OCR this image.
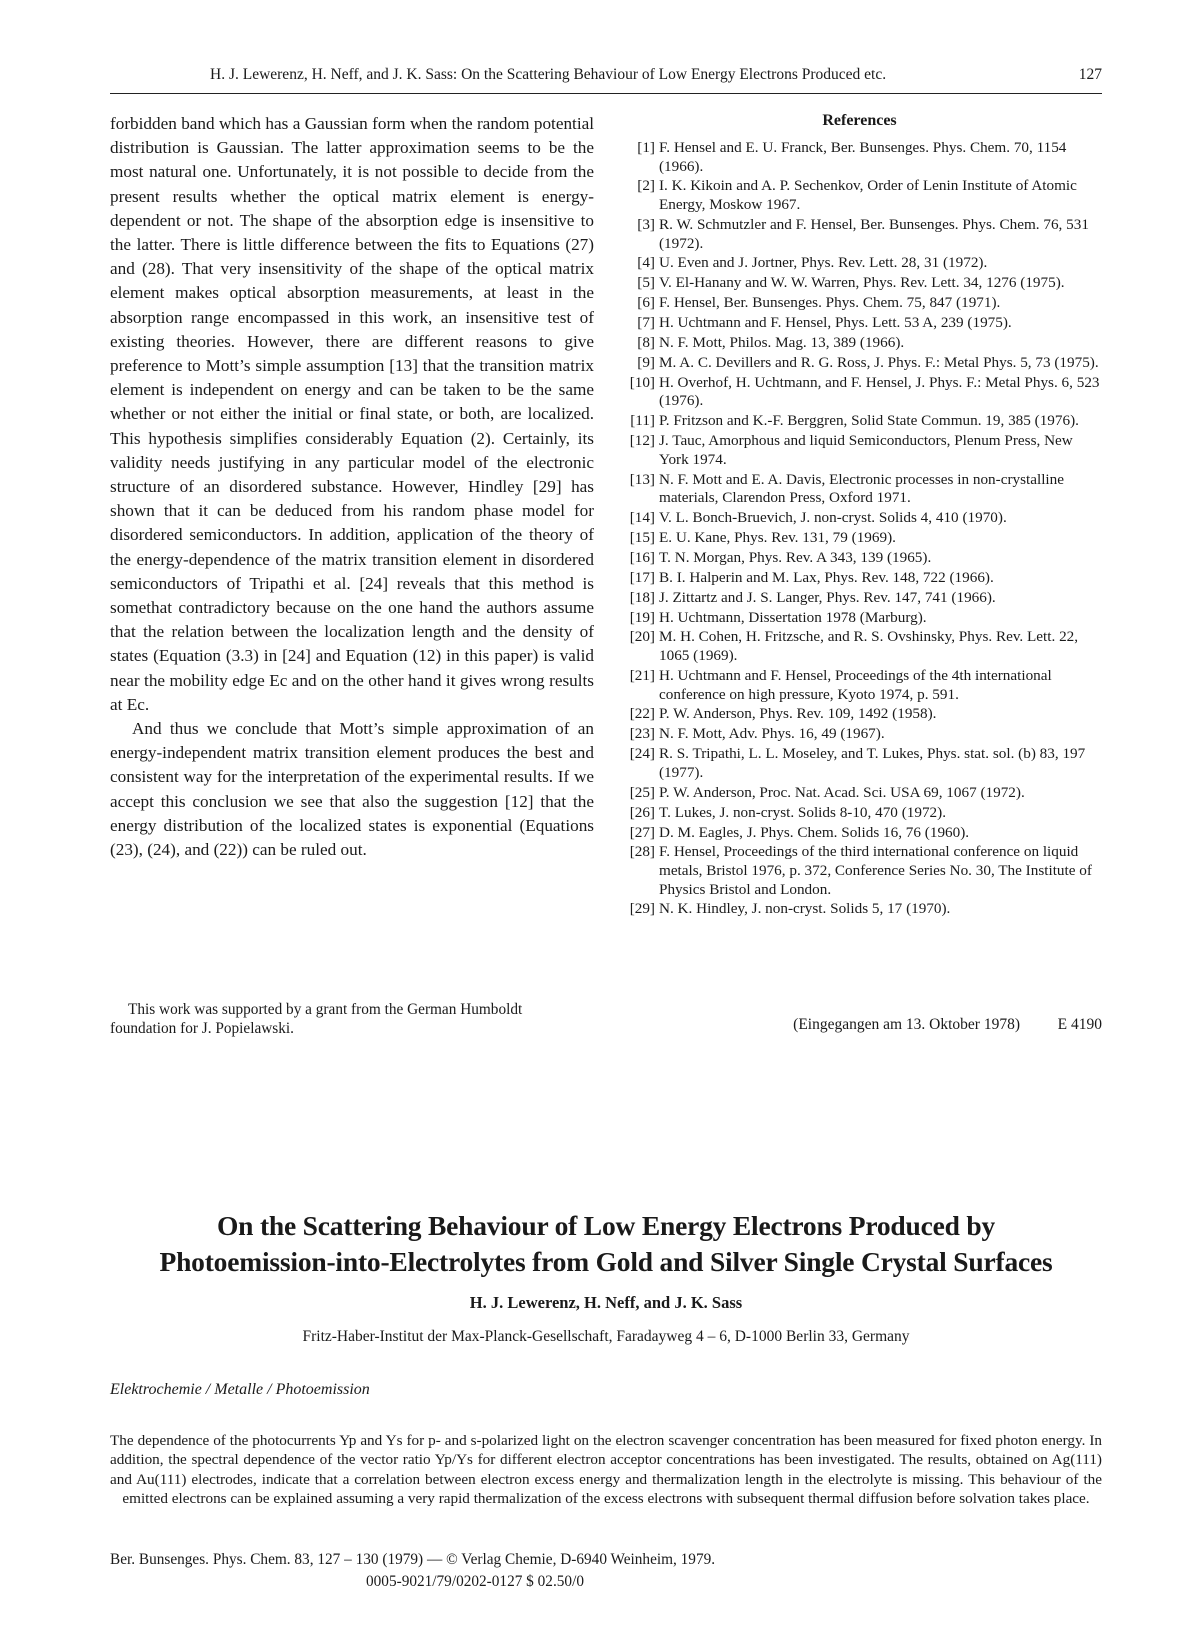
H. J. Lewerenz, H. Neff, and J. K. Sass: On the Scattering Behaviour of Low Energy Electrons Produced etc.	127

forbidden band which has a Gaussian form when the random potential distribution is Gaussian. The latter approximation seems to be the most natural one. Unfortunately, it is not possible to decide from the present results whether the optical matrix element is energy-dependent or not. The shape of the absorption edge is insensitive to the latter. There is little difference between the fits to Equations (27) and (28). That very insensitivity of the shape of the optical matrix element makes optical absorption measurements, at least in the absorption range encompassed in this work, an insensitive test of existing theories. However, there are different reasons to give preference to Mott’s simple assumption [13] that the transition matrix element is independent on energy and can be taken to be the same whether or not either the initial or final state, or both, are localized. This hypothesis simplifies considerably Equation (2). Certainly, its validity needs justifying in any particular model of the electronic structure of an disordered substance. However, Hindley [29] has shown that it can be deduced from his random phase model for disordered semiconductors. In addition, application of the theory of the energy-dependence of the matrix transition element in disordered semiconductors of Tripathi et al. [24] reveals that this method is somethat contradictory because on the one hand the authors assume that the relation between the localization length and the density of states (Equation (3.3) in [24] and Equation (12) in this paper) is valid near the mobility edge Ec and on the other hand it gives wrong results at Ec.

And thus we conclude that Mott’s simple approximation of an energy-independent matrix transition element produces the best and consistent way for the interpretation of the experimental results. If we accept this conclusion we see that also the suggestion [12] that the energy distribution of the localized states is exponential (Equations (23), (24), and (22)) can be ruled out.

This work was supported by a grant from the German Humboldt
foundation for J. Popielawski.
References
[1] F. Hensel and E. U. Franck, Ber. Bunsenges. Phys. Chem. 70, 1154 (1966).
[2] I. K. Kikoin and A. P. Sechenkov, Order of Lenin Institute of Atomic Energy, Moskow 1967.
[3] R. W. Schmutzler and F. Hensel, Ber. Bunsenges. Phys. Chem. 76, 531 (1972).
[4] U. Even and J. Jortner, Phys. Rev. Lett. 28, 31 (1972).
[5] V. El-Hanany and W. W. Warren, Phys. Rev. Lett. 34, 1276 (1975).
[6] F. Hensel, Ber. Bunsenges. Phys. Chem. 75, 847 (1971).
[7] H. Uchtmann and F. Hensel, Phys. Lett. 53 A, 239 (1975).
[8] N. F. Mott, Philos. Mag. 13, 389 (1966).
[9] M. A. C. Devillers and R. G. Ross, J. Phys. F.: Metal Phys. 5, 73 (1975).
[10] H. Overhof, H. Uchtmann, and F. Hensel, J. Phys. F.: Metal Phys. 6, 523 (1976).
[11] P. Fritzson and K.-F. Berggren, Solid State Commun. 19, 385 (1976).
[12] J. Tauc, Amorphous and liquid Semiconductors, Plenum Press, New York 1974.
[13] N. F. Mott and E. A. Davis, Electronic processes in non-crystalline materials, Clarendon Press, Oxford 1971.
[14] V. L. Bonch-Bruevich, J. non-cryst. Solids 4, 410 (1970).
[15] E. U. Kane, Phys. Rev. 131, 79 (1969).
[16] T. N. Morgan, Phys. Rev. A 343, 139 (1965).
[17] B. I. Halperin and M. Lax, Phys. Rev. 148, 722 (1966).
[18] J. Zittartz and J. S. Langer, Phys. Rev. 147, 741 (1966).
[19] H. Uchtmann, Dissertation 1978 (Marburg).
[20] M. H. Cohen, H. Fritzsche, and R. S. Ovshinsky, Phys. Rev. Lett. 22, 1065 (1969).
[21] H. Uchtmann and F. Hensel, Proceedings of the 4th international conference on high pressure, Kyoto 1974, p. 591.
[22] P. W. Anderson, Phys. Rev. 109, 1492 (1958).
[23] N. F. Mott, Adv. Phys. 16, 49 (1967).
[24] R. S. Tripathi, L. L. Moseley, and T. Lukes, Phys. stat. sol. (b) 83, 197 (1977).
[25] P. W. Anderson, Proc. Nat. Acad. Sci. USA 69, 1067 (1972).
[26] T. Lukes, J. non-cryst. Solids 8-10, 470 (1972).
[27] D. M. Eagles, J. Phys. Chem. Solids 16, 76 (1960).
[28] F. Hensel, Proceedings of the third international conference on liquid metals, Bristol 1976, p. 372, Conference Series No. 30, The Institute of Physics Bristol and London.
[29] N. K. Hindley, J. non-cryst. Solids 5, 17 (1970).
(Eingegangen am 13. Oktober 1978) E 4190
On the Scattering Behaviour of Low Energy Electrons Produced by
Photoemission-into-Electrolytes from Gold and Silver Single Crystal Surfaces
H. J. Lewerenz, H. Neff, and J. K. Sass
Fritz-Haber-Institut der Max-Planck-Gesellschaft, Faradayweg 4 – 6, D-1000 Berlin 33, Germany
Elektrochemie / Metalle / Photoemission
The dependence of the photocurrents Yp and Ys for p- and s-polarized light on the electron scavenger concentration has been measured for fixed photon energy. In addition, the spectral dependence of the vector ratio Yp/Ys for different electron acceptor concentrations has been investigated. The results, obtained on Ag(111) and Au(111) electrodes, indicate that a correlation between electron excess energy and thermalization length in the electrolyte is missing. This behaviour of the emitted electrons can be explained assuming a very rapid thermalization of the excess electrons with subsequent thermal diffusion before solvation takes place.
Ber. Bunsenges. Phys. Chem. 83, 127 – 130 (1979) — © Verlag Chemie, D-6940 Weinheim, 1979.
0005-9021/79/0202-0127 $ 02.50/0
